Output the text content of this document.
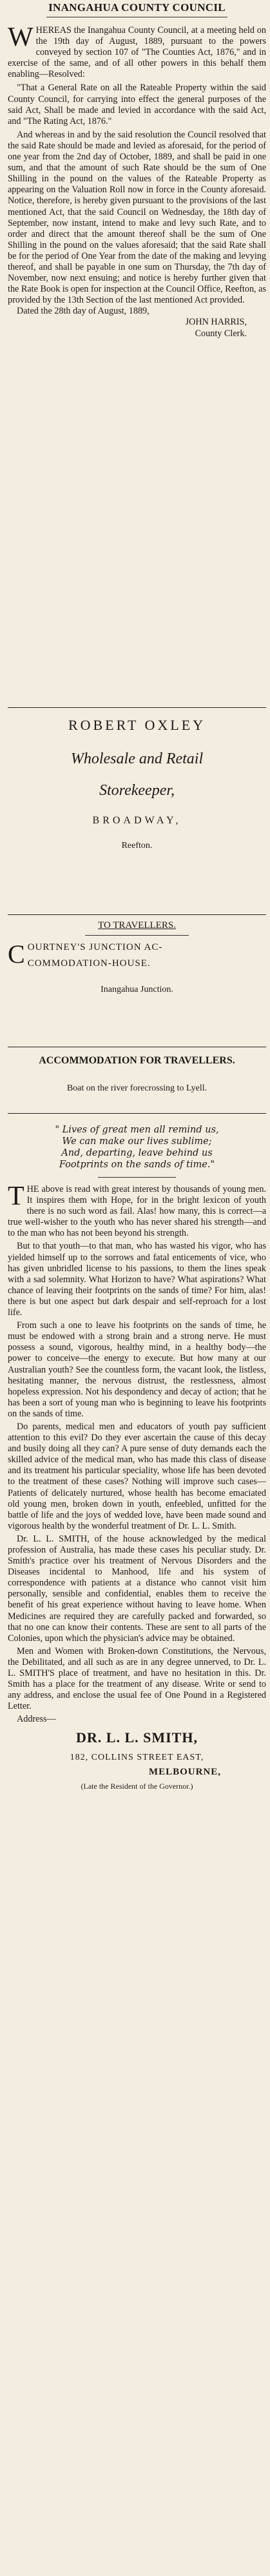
INANGAHUA COUNTY COUNCIL

WHEREAS the Inangahua County Council, at a meeting held on the 19th day of August, 1889, pursuant to the powers conveyed by section 107 of "The Counties Act, 1876," and in exercise of the same, and of all other powers in this behalf them enabling—Resolved:

"That a General Rate on all the Rateable Property within the said County Council, for carrying into effect the general purposes of the said Act, Shall be made and levied in accordance with the said Act, and "The Rating Act, 1876."

And whereas in and by the said resolution the Council resolved that the said Rate should be made and levied as aforesaid, for the period of one year from the 2nd day of October, 1889, and shall be paid in one sum, and that the amount of such Rate should be the sum of One Shilling in the pound on the values of the Rateable Property as appearing on the Valuation Roll now in force in the County aforesaid. Notice, therefore, is hereby given pursuant to the provisions of the last mentioned Act, that the said Council on Wednesday, the 18th day of September, now instant, intend to make and levy such Rate, and to order and direct that the amount thereof shall be the sum of One Shilling in the pound on the values aforesaid; that the said Rate shall be for the period of One Year from the date of the making and levying thereof, and shall be payable in one sum on Thursday, the 7th day of November, now next ensuing; and notice is hereby further given that the Rate Book is open for inspection at the Council Office, Reefton, as provided by the 13th Section of the last mentioned Act provided.

Dated the 28th day of August, 1889,

JOHN HARRIS,

County Clerk.

ROBERT OXLEY
Wholesale and Retail
Storekeeper,
BROADWAY,
Reefton.
TO TRAVELLERS.
C OURTNEY'S JUNCTION AC-
COMMODATION-HOUSE.
Inangahua Junction.
ACCOMMODATION FOR TRAVELLERS.
Boat on the river forecrossing to Lyell.

" Lives of great men all remind us,

We can make our lives sublime;

And, departing, leave behind us

Footprints on the sands of time."

THE above is read with great interest by thousands of young men. It inspires them with Hope, for in the bright lexicon of youth there is no such word as fail. Alas! how many, this is correct—a true well-wisher to the youth who has never shared his strength—and to the man who has not been beyond his strength.

But to that youth—to that man, who has wasted his vigor, who has yielded himself up to the sorrows and fatal enticements of vice, who has given unbridled license to his passions, to them the lines speak with a sad solemnity. What Horizon to have? What aspirations? What chance of leaving their footprints on the sands of time? For him, alas! there is but one aspect but dark despair and self-reproach for a lost life.

From such a one to leave his footprints on the sands of time, he must be endowed with a strong brain and a strong nerve. He must possess a sound, vigorous, healthy mind, in a healthy body—the power to conceive—the energy to execute. But how many at our Australian youth? See the countless form, the vacant look, the listless, hesitating manner, the nervous distrust, the restlessness, almost hopeless expression. Not his despondency and decay of action; that he has been a sort of young man who is beginning to leave his footprints on the sands of time.

Do parents, medical men and educators of youth pay sufficient attention to this evil? Do they ever ascertain the cause of this decay and busily doing all they can? A pure sense of duty demands each the skilled advice of the medical man, who has made this class of disease and its treatment his particular speciality, whose life has been devoted to the treatment of these cases? Nothing will improve such cases—Patients of delicately nurtured, whose health has become emaciated old young men, broken down in youth, enfeebled, unfitted for the battle of life and the joys of wedded love, have been made sound and vigorous health by the wonderful treatment of Dr. L. L. Smith.

Dr. L. L. SMITH, of the house acknowledged by the medical profession of Australia, has made these cases his peculiar study. Dr. Smith's practice over his treatment of Nervous Disorders and the Diseases incidental to Manhood, life and his system of correspondence with patients at a distance who cannot visit him personally, sensible and confidential, enables them to receive the benefit of his great experience without having to leave home. When Medicines are required they are carefully packed and forwarded, so that no one can know their contents. These are sent to all parts of the Colonies, upon which the physician's advice may be obtained.

Men and Women with Broken-down Constitutions, the Nervous, the Debilitated, and all such as are in any degree unnerved, to Dr. L. L. SMITH'S place of treatment, and have no hesitation in this. Dr. Smith has a place for the treatment of any disease. Write or send to any address, and enclose the usual fee of One Pound in a Registered Letter.

Address—

DR. L. L. SMITH,
182, COLLINS STREET EAST,
MELBOURNE,
(Late the Resident of the Governor.)
